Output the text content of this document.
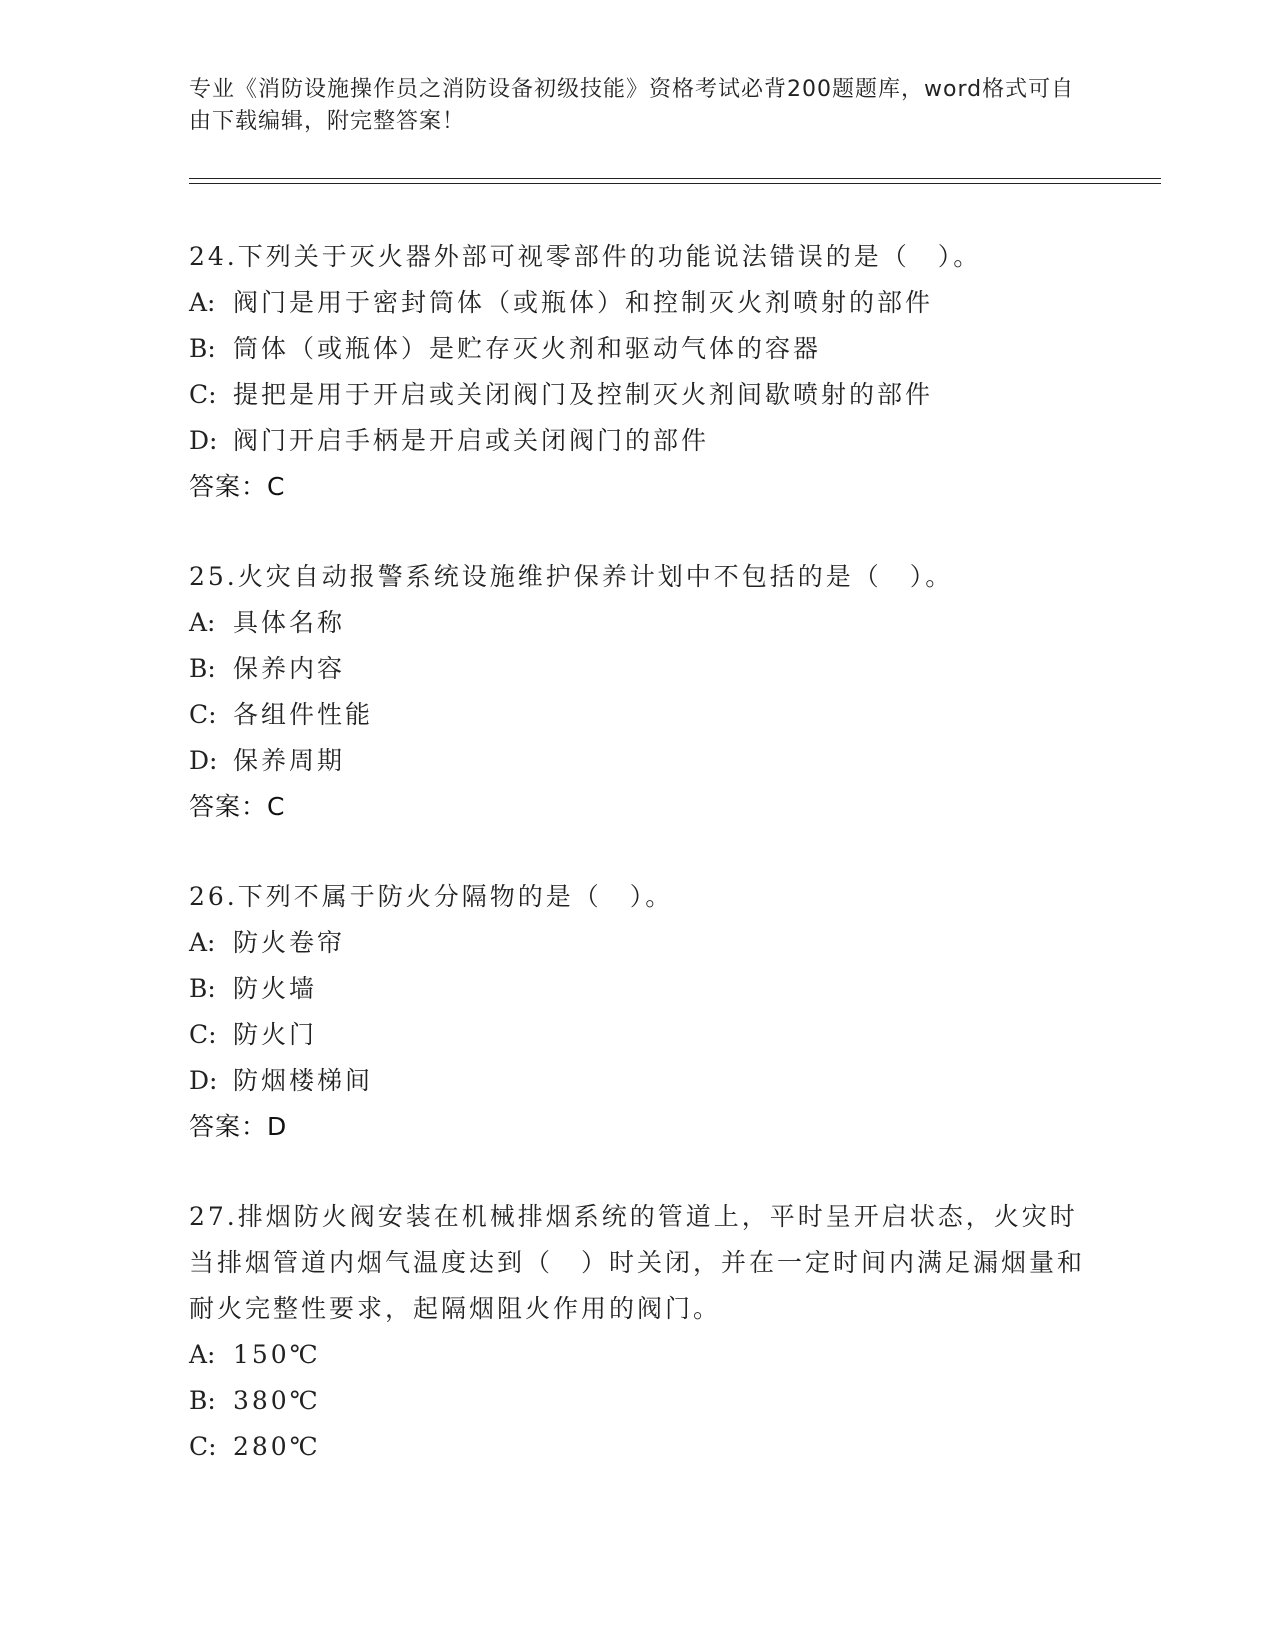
专业《消防设施操作员之消防设备初级技能》资格考试必背200题题库，word格式可自由下载编辑，附完整答案！

24.下列关于灭火器外部可视零部件的功能说法错误的是（　）。

A: 阀门是用于密封筒体（或瓶体）和控制灭火剂喷射的部件

B: 筒体（或瓶体）是贮存灭火剂和驱动气体的容器

C: 提把是用于开启或关闭阀门及控制灭火剂间歇喷射的部件

D: 阀门开启手柄是开启或关闭阀门的部件

答案：C

25.火灾自动报警系统设施维护保养计划中不包括的是（　）。

A: 具体名称

B: 保养内容

C: 各组件性能

D: 保养周期

答案：C

26.下列不属于防火分隔物的是（　）。

A: 防火卷帘

B: 防火墙

C: 防火门

D: 防烟楼梯间

答案：D

27.排烟防火阀安装在机械排烟系统的管道上，平时呈开启状态，火灾时当排烟管道内烟气温度达到（　）时关闭，并在一定时间内满足漏烟量和耐火完整性要求，起隔烟阻火作用的阀门。

A: 150℃

B: 380℃

C: 280℃
